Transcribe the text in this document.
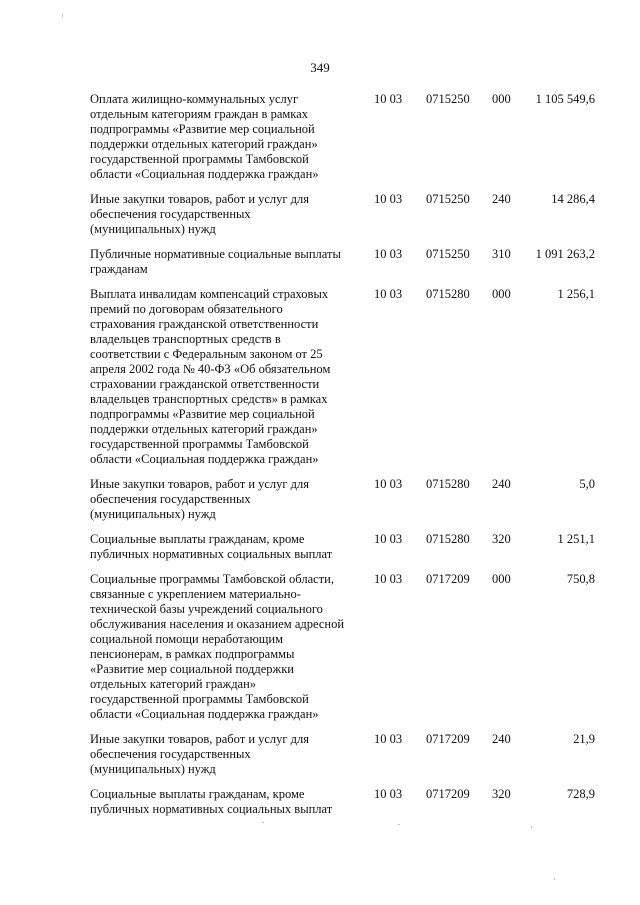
349
Оплата жилищно-коммунальных услуг отдельным категориям граждан в рамках подпрограммы «Развитие мер социальной поддержки отдельных категорий граждан» государственной программы Тамбовской области «Социальная поддержка граждан»	10 03	0715250	000	1 105 549,6
Иные закупки товаров, работ и услуг для обеспечения государственных (муниципальных) нужд	10 03	0715250	240	14 286,4
Публичные нормативные социальные выплаты гражданам	10 03	0715250	310	1 091 263,2
Выплата инвалидам компенсаций страховых премий по договорам обязательного страхования гражданской ответственности владельцев транспортных средств в соответствии с Федеральным законом от 25 апреля 2002 года № 40-ФЗ «Об обязательном страховании гражданской ответственности владельцев транспортных средств» в рамках подпрограммы «Развитие мер социальной поддержки отдельных категорий граждан» государственной программы Тамбовской области «Социальная поддержка граждан»	10 03	0715280	000	1 256,1
Иные закупки товаров, работ и услуг для обеспечения государственных (муниципальных) нужд	10 03	0715280	240	5,0
Социальные выплаты гражданам, кроме публичных нормативных социальных выплат	10 03	0715280	320	1 251,1
Социальные программы Тамбовской области, связанные с укреплением материально-технической базы учреждений социального обслуживания населения и оказанием адресной социальной помощи неработающим пенсионерам, в рамках подпрограммы «Развитие мер социальной поддержки отдельных категорий граждан» государственной программы Тамбовской области «Социальная поддержка граждан»	10 03	0717209	000	750,8
Иные закупки товаров, работ и услуг для обеспечения государственных (муниципальных) нужд	10 03	0717209	240	21,9
Социальные выплаты гражданам, кроме публичных нормативных социальных выплат	10 03	0717209	320	728,9
